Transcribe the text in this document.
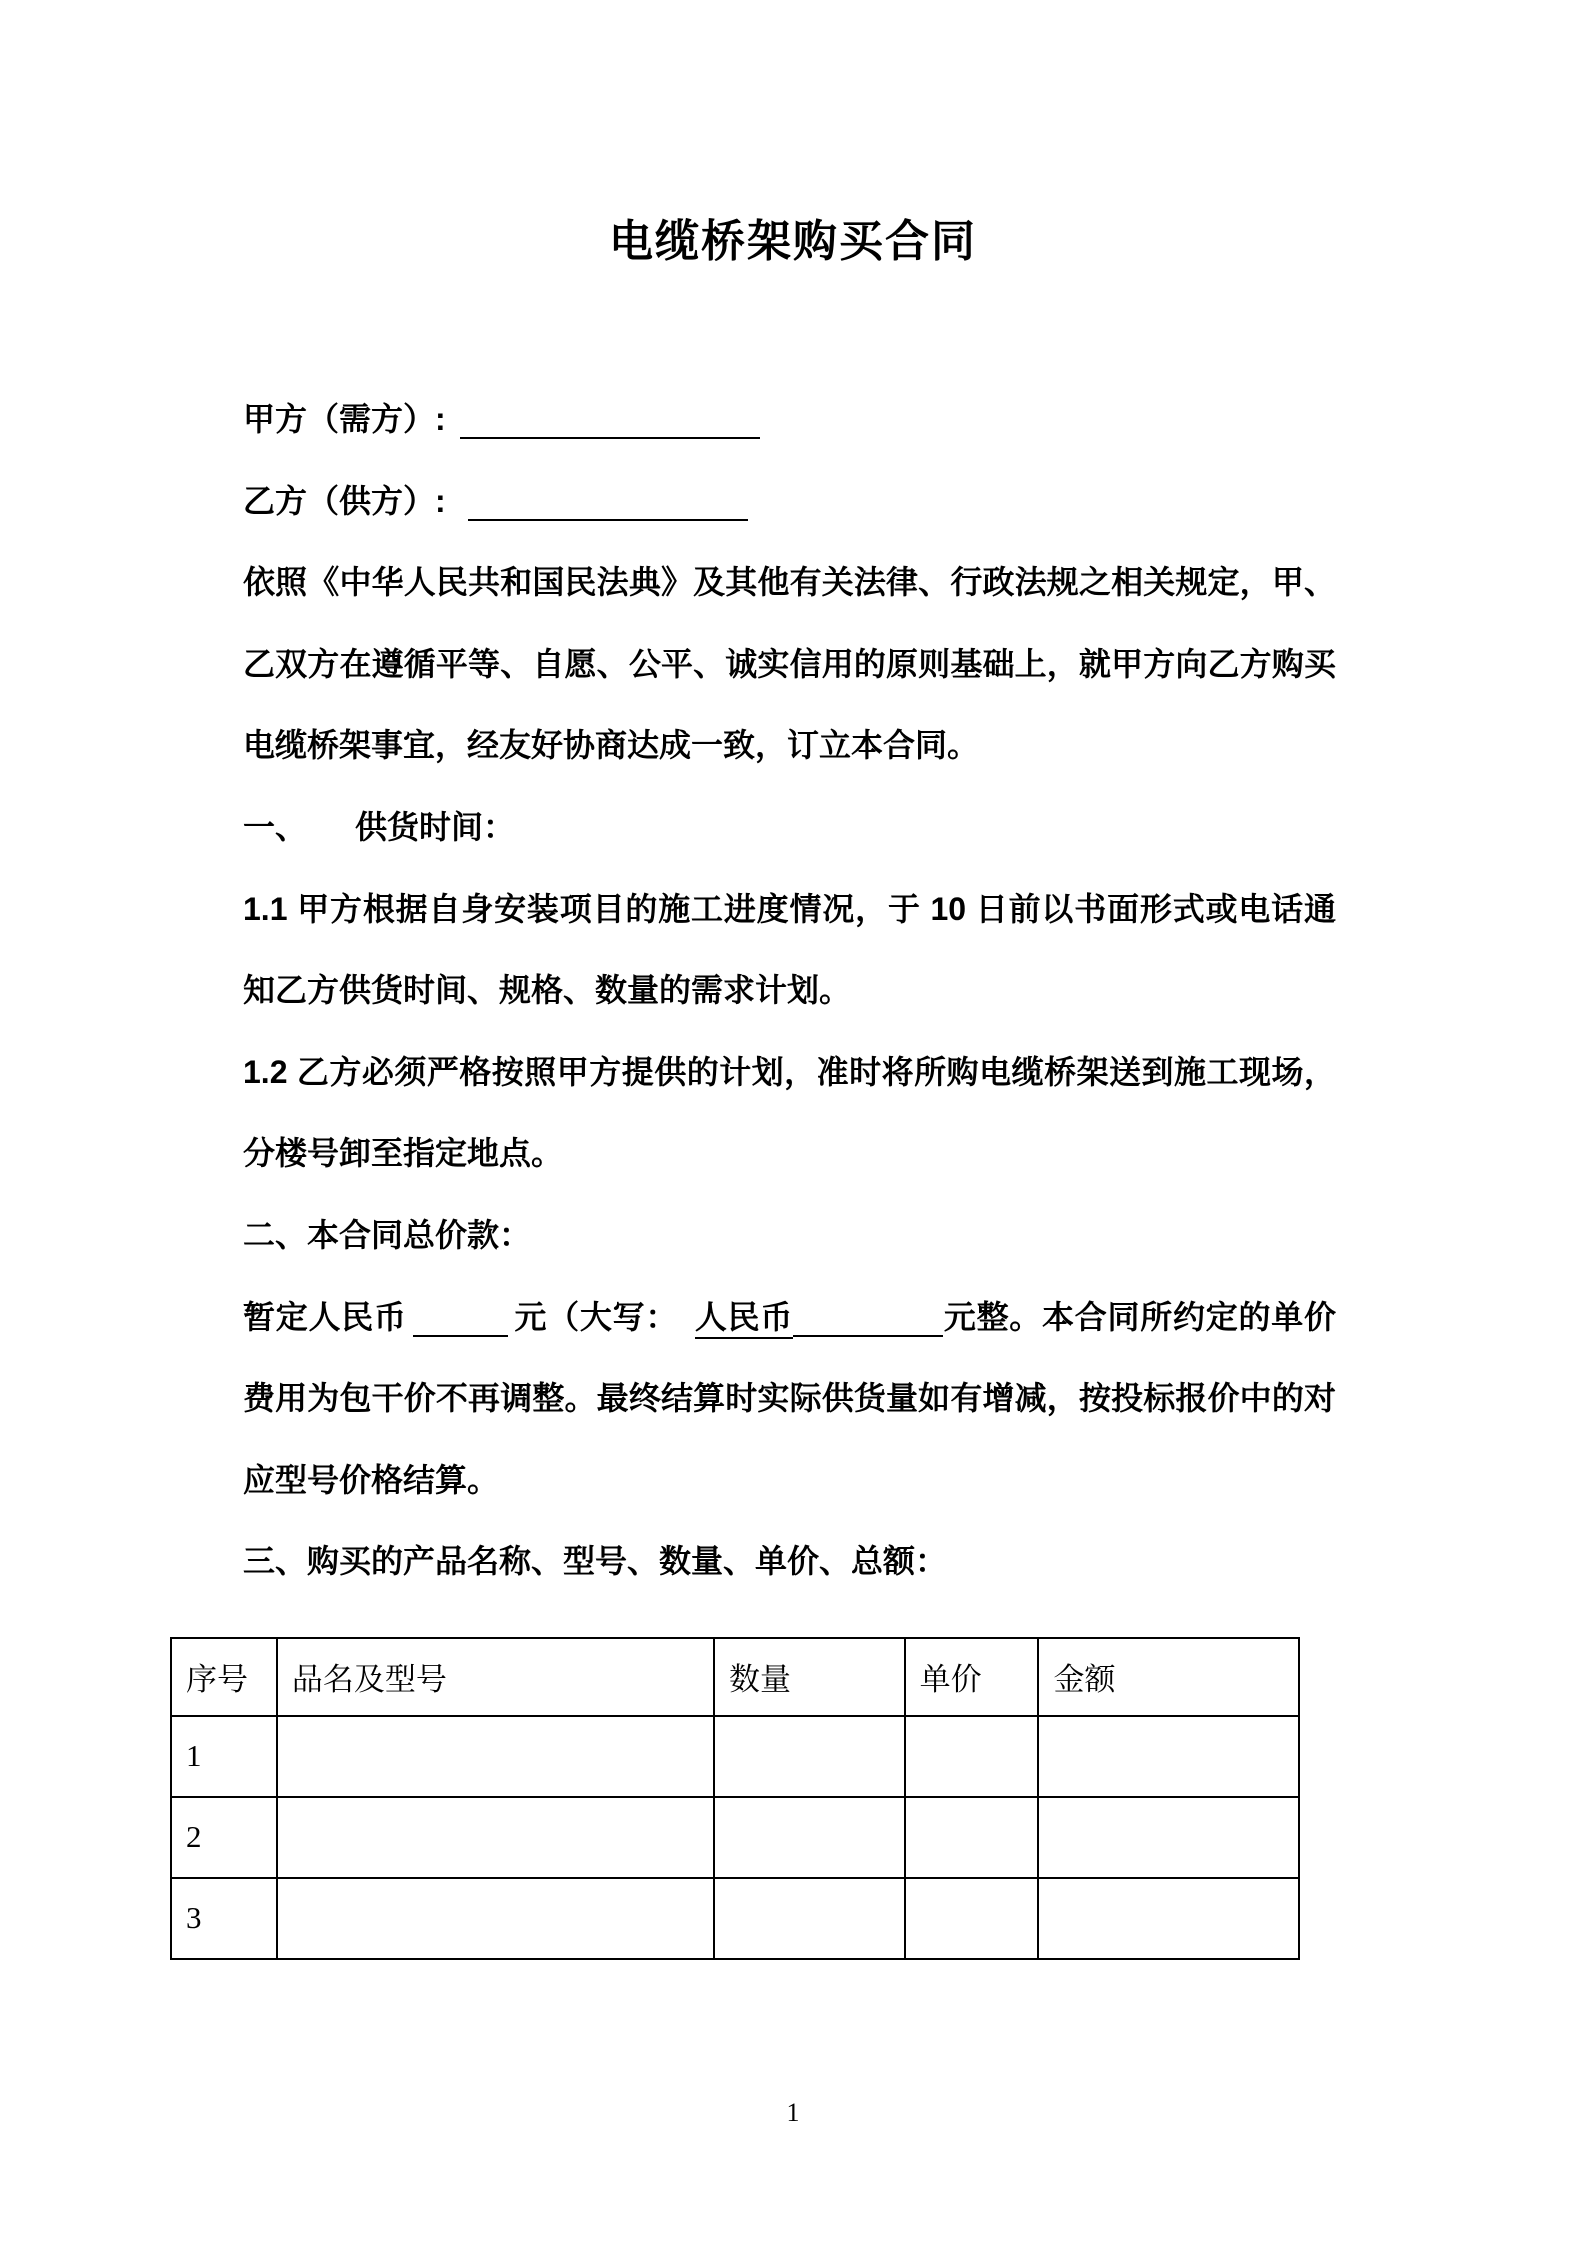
电缆桥架购买合同

甲方（需方）:

乙方（供方）:

依照《中华人民共和国民法典》及其他有关法律、行政法规之相关规定，甲、乙双方在遵循平等、自愿、公平、诚实信用的原则基础上，就甲方向乙方购买电缆桥架事宜，经友好协商达成一致，订立本合同。

一、　　供货时间：

1.1 甲方根据自身安装项目的施工进度情况，于 10 日前以书面形式或电话通知乙方供货时间、规格、数量的需求计划。

1.2 乙方必须严格按照甲方提供的计划，准时将所购电缆桥架送到施工现场，分楼号卸至指定地点。

二、本合同总价款：

暂定人民币	元（大写：　人民币	元整。本合同所约定的单价费用为包干价不再调整。最终结算时实际供货量如有增减，按投标报价中的对应型号价格结算。

三、购买的产品名称、型号、数量、单价、总额：

序号	品名及型号	数量	单价	金额
1				
2				
3				
1
